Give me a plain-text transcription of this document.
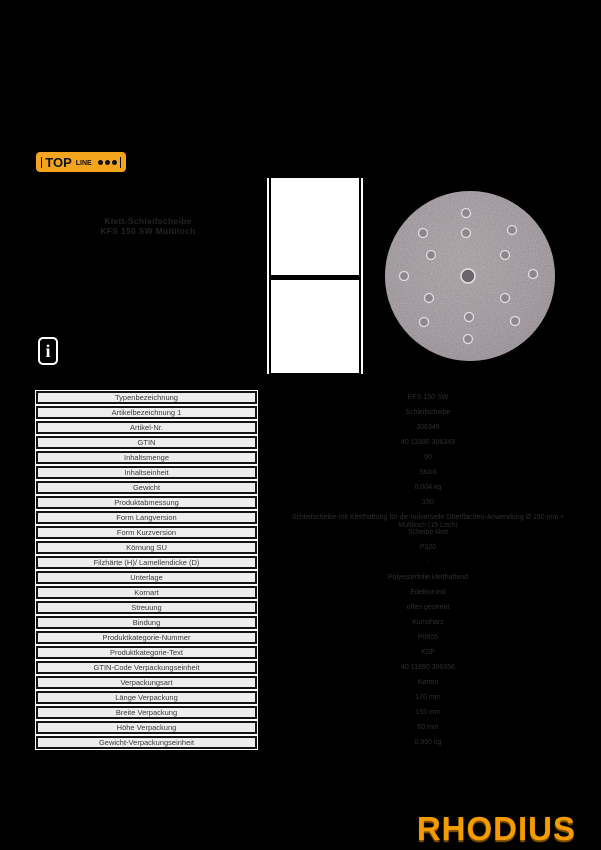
TOP LINE
Klett-Schleifscheibe
KFS 150 SW Multiloch
i
Typenbezeichnung	KFS 150 SW
Artikelbezeichnung 1	Schleifscheibe
Artikel-Nr.	306349
GTIN	40 11890 306349
Inhaltsmenge	50
Inhaltseinheit	Stück
Gewicht	0,004 kg
Produktabmessung	150
Form Langversion	Schleifscheibe mit Kletthaftung für die universelle Oberflächen-Anwendung Ø 150 mm + Multiloch (15 Loch)
Form Kurzversion	Scheibe klett
Körnung SU	P320
Filzhärte (H)/ Lamellendicke (D)	-
Unterlage	Polyesterfolie kletthaftend
Kornart	Edelkorund
Streuung	offen gestreut
Bindung	Kunstharz
Produktkategorie-Nummer	P0605
Produktkategorie-Text	KSF
GTIN-Code Verpackungseinheit	40 11890 306356
Verpackungsart	Karton
Länge Verpackung	170 mm
Breite Verpackung	155 mm
Höhe Verpackung	60 mm
Gewicht-Verpackungseinheit	0,950 kg
RHODIUS
